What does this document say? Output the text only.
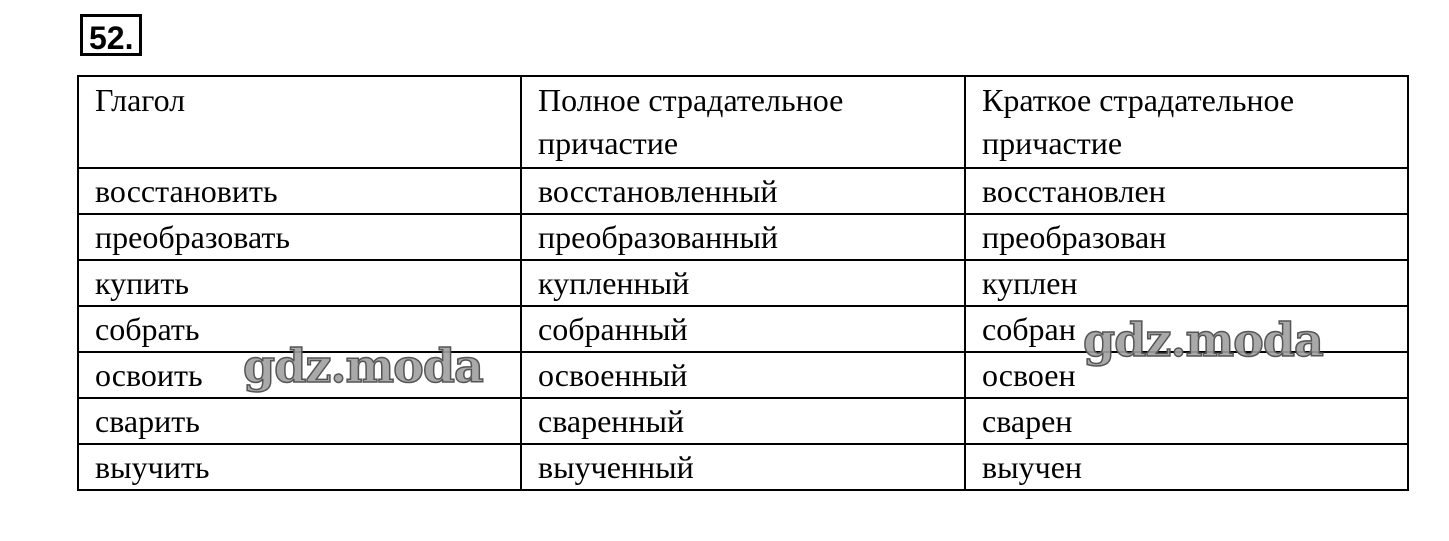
52.
Глагол	Полное страдательное причастие	Краткое страдательное причастие
восстановить	восстановленный	восстановлен
преобразовать	преобразованный	преобразован
купить	купленный	куплен
собрать	собранный	собран
освоить	освоенный	освоен
сварить	сваренный	сварен
выучить	выученный	выучен
gdz.moda	gdz.moda
